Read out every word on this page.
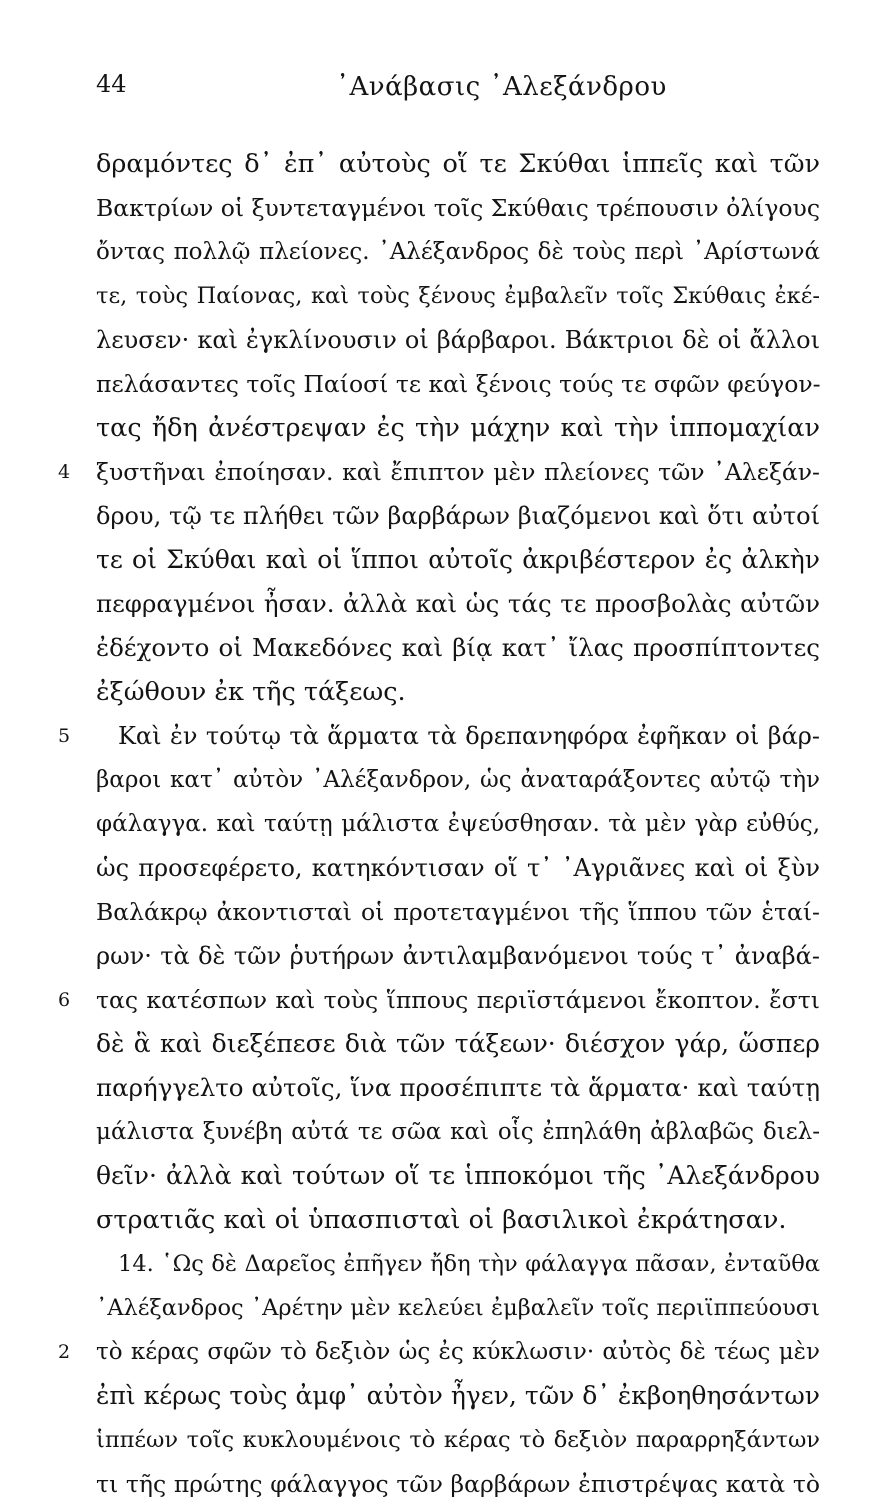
44	᾿Ανάβασις ᾿Αλεξάνδρου
δραμόντες δ᾿ ἐπ᾿ αὐτοὺς οἵ τε Σκύθαι ἱππεῖς καὶ τῶν
Βακτρίων οἱ ξυντεταγμένοι τοῖς Σκύθαις τρέπουσιν ὀλίγους
ὄντας πολλῷ πλείονες. ᾿Αλέξανδρος δὲ τοὺς περὶ ᾿Αρίστωνά
τε, τοὺς Παίονας, καὶ τοὺς ξένους ἐμβαλεῖν τοῖς Σκύθαις ἐκέ-
λευσεν· καὶ ἐγκλίνουσιν οἱ βάρβαροι. Βάκτριοι δὲ οἱ ἄλλοι
πελάσαντες τοῖς Παίοσί τε καὶ ξένοις τούς τε σφῶν φεύγον-
τας ἤδη ἀνέστρεψαν ἐς τὴν μάχην καὶ τὴν ἱππομαχίαν
4	ξυστῆναι ἐποίησαν. καὶ ἔπιπτον μὲν πλείονες τῶν ᾿Αλεξάν-
δρου, τῷ τε πλήθει τῶν βαρβάρων βιαζόμενοι καὶ ὅτι αὐτοί
τε οἱ Σκύθαι καὶ οἱ ἵπποι αὐτοῖς ἀκριβέστερον ἐς ἀλκὴν
πεφραγμένοι ἦσαν. ἀλλὰ καὶ ὡς τάς τε προσβολὰς αὐτῶν
ἐδέχοντο οἱ Μακεδόνες καὶ βίᾳ κατ᾿ ἴλας προσπίπτοντες
ἐξώθουν ἐκ τῆς τάξεως.
5	Καὶ ἐν τούτῳ τὰ ἅρματα τὰ δρεπανηφόρα ἐφῆκαν οἱ βάρ-
βαροι κατ᾿ αὐτὸν ᾿Αλέξανδρον, ὡς ἀναταράξοντες αὐτῷ τὴν
φάλαγγα. καὶ ταύτῃ μάλιστα ἐψεύσθησαν. τὰ μὲν γὰρ εὐθύς,
ὡς προσεφέρετο, κατηκόντισαν οἵ τ᾿ ᾿Αγριᾶνες καὶ οἱ ξὺν
Βαλάκρῳ ἀκοντισταὶ οἱ προτεταγμένοι τῆς ἵππου τῶν ἑταί-
ρων· τὰ δὲ τῶν ῥυτήρων ἀντιλαμβανόμενοι τούς τ᾿ ἀναβά-
6	τας κατέσπων καὶ τοὺς ἵππους περιϊστάμενοι ἔκοπτον. ἔστι
δὲ ἃ καὶ διεξέπεσε διὰ τῶν τάξεων· διέσχον γάρ, ὥσπερ
παρήγγελτο αὐτοῖς, ἵνα προσέπιπτε τὰ ἅρματα· καὶ ταύτῃ
μάλιστα ξυνέβη αὐτά τε σῶα καὶ οἷς ἐπηλάθη ἀβλαβῶς διελ-
θεῖν· ἀλλὰ καὶ τούτων οἵ τε ἱπποκόμοι τῆς ᾿Αλεξάνδρου
στρατιᾶς καὶ οἱ ὑπασπισταὶ οἱ βασιλικοὶ ἐκράτησαν.
14. ῾Ως δὲ Δαρεῖος ἐπῆγεν ἤδη τὴν φάλαγγα πᾶσαν, ἐνταῦθα
᾿Αλέξανδρος ᾿Αρέτην μὲν κελεύει ἐμβαλεῖν τοῖς περιϊππεύουσι
2	τὸ κέρας σφῶν τὸ δεξιὸν ὡς ἐς κύκλωσιν· αὐτὸς δὲ τέως μὲν
ἐπὶ κέρως τοὺς ἀμφ᾿ αὐτὸν ἦγεν, τῶν δ᾿ ἐκβοηθησάντων
ἱππέων τοῖς κυκλουμένοις τὸ κέρας τὸ δεξιὸν παραρρηξάντων
τι τῆς πρώτης φάλαγγος τῶν βαρβάρων ἐπιστρέψας κατὰ τὸ
